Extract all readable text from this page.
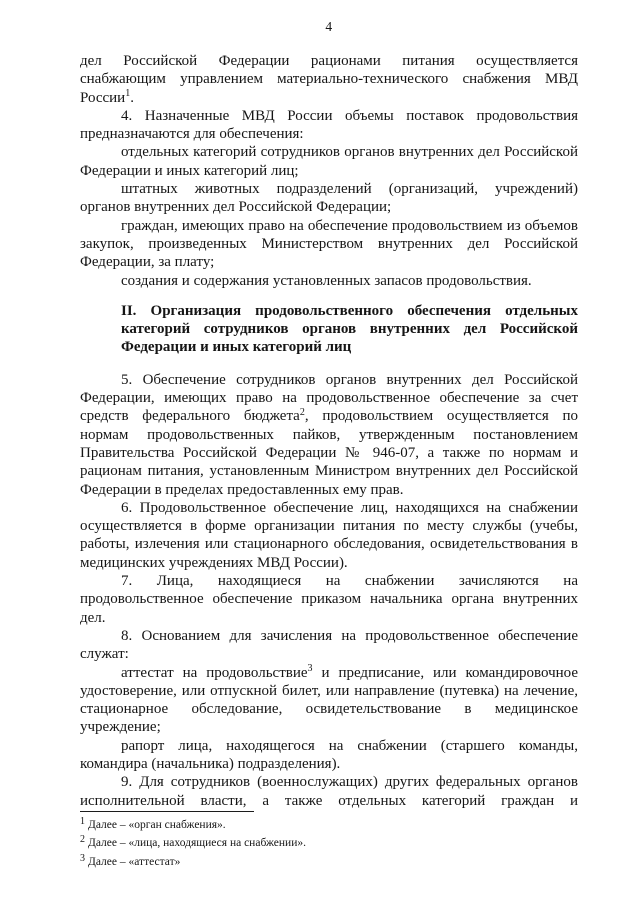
4

дел Российской Федерации рационами питания осуществляется снабжающим управлением материально-технического снабжения МВД России$^1$.

4. Назначенные МВД России объемы поставок продовольствия предназначаются для обеспечения:

отдельных категорий сотрудников органов внутренних дел Российской Федерации и иных категорий лиц;

штатных животных подразделений (организаций, учреждений) органов внутренних дел Российской Федерации;

граждан, имеющих право на обеспечение продовольствием из объемов закупок, произведенных Министерством внутренних дел Российской Федерации, за плату;

создания и содержания установленных запасов продовольствия.

II. Организация продовольственного обеспечения отдельных категорий сотрудников органов внутренних дел Российской Федерации и иных категорий лиц

5. Обеспечение сотрудников органов внутренних дел Российской Федерации, имеющих право на продовольственное обеспечение за счет средств федерального бюджета$^2$, продовольствием осуществляется по нормам продовольственных пайков, утвержденным постановлением Правительства Российской Федерации № 946-07, а также по нормам и рационам питания, установленным Министром внутренних дел Российской Федерации в пределах предоставленных ему прав.

6. Продовольственное обеспечение лиц, находящихся на снабжении осуществляется в форме организации питания по месту службы (учебы, работы, излечения или стационарного обследования, освидетельствования в медицинских учреждениях МВД России).

7. Лица, находящиеся на снабжении зачисляются на продовольственное обеспечение приказом начальника органа внутренних дел.

8. Основанием для зачисления на продовольственное обеспечение служат:

аттестат на продовольствие$^3$ и предписание, или командировочное удостоверение, или отпускной билет, или направление (путевка) на лечение, стационарное обследование, освидетельствование в медицинское учреждение;

рапорт лица, находящегося на снабжении (старшего команды, командира (начальника) подразделения).

9. Для сотрудников (военнослужащих) других федеральных органов исполнительной власти, а также отдельных категорий граждан и

1 Далее – «орган снабжения».
2 Далее – «лица, находящиеся на снабжении».
3 Далее – «аттестат»
